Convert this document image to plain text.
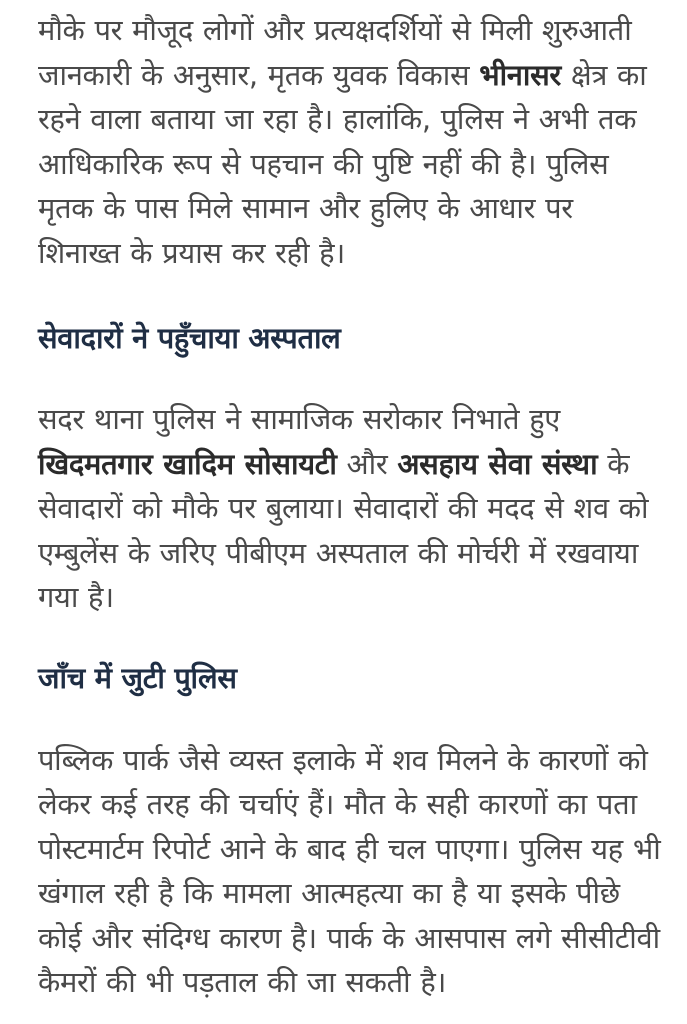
मौके पर मौजूद लोगों और प्रत्यक्षदर्शियों से मिली शुरुआती जानकारी के अनुसार, मृतक युवक विकास भीनासर क्षेत्र का रहने वाला बताया जा रहा है। हालांकि, पुलिस ने अभी तक आधिकारिक रूप से पहचान की पुष्टि नहीं की है। पुलिस मृतक के पास मिले सामान और हुलिए के आधार पर शिनाख्त के प्रयास कर रही है।

सेवादारों ने पहुँचाया अस्पताल

सदर थाना पुलिस ने सामाजिक सरोकार निभाते हुए खिदमतगार खादिम सोसायटी और असहाय सेवा संस्था के सेवादारों को मौके पर बुलाया। सेवादारों की मदद से शव को एम्बुलेंस के जरिए पीबीएम अस्पताल की मोर्चरी में रखवाया गया है।

जाँच में जुटी पुलिस

पब्लिक पार्क जैसे व्यस्त इलाके में शव मिलने के कारणों को लेकर कई तरह की चर्चाएं हैं। मौत के सही कारणों का पता पोस्टमार्टम रिपोर्ट आने के बाद ही चल पाएगा। पुलिस यह भी खंगाल रही है कि मामला आत्महत्या का है या इसके पीछे कोई और संदिग्ध कारण है। पार्क के आसपास लगे सीसीटीवी कैमरों की भी पड़ताल की जा सकती है।
